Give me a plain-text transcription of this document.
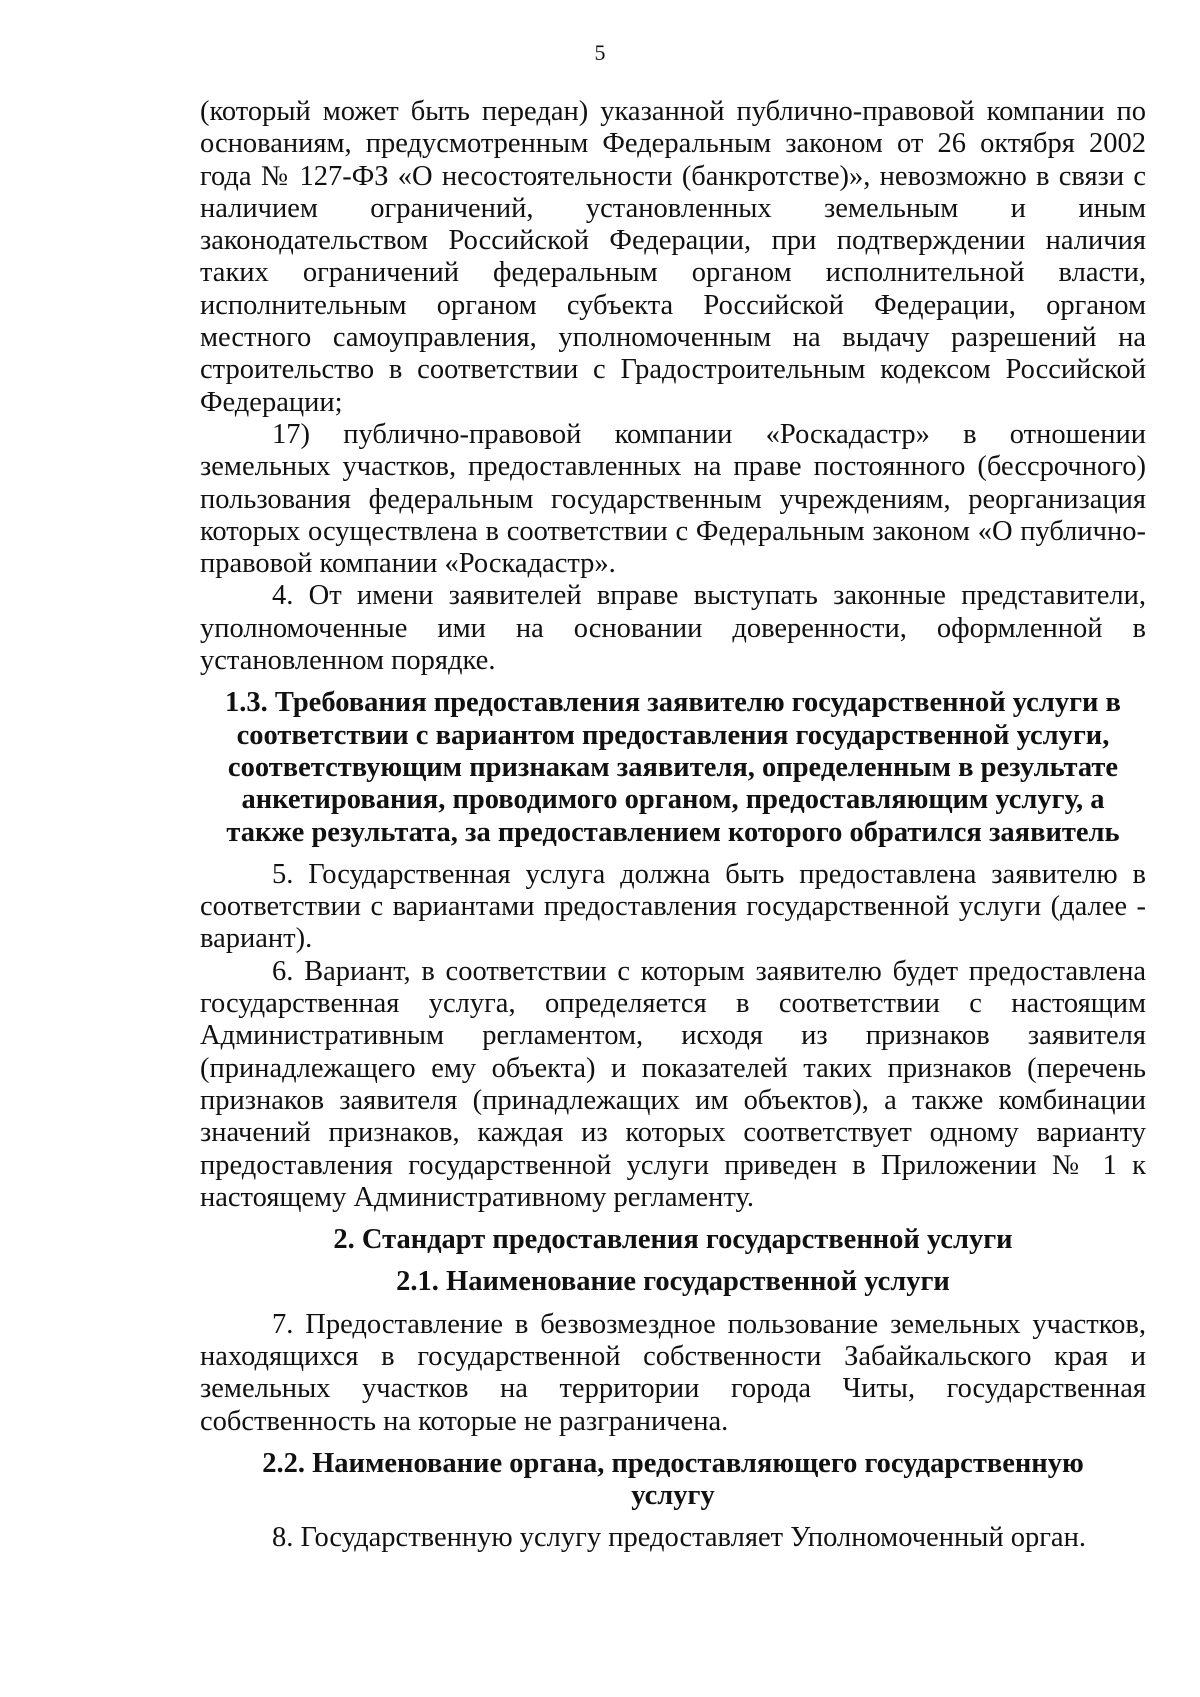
5

(который может быть передан) указанной публично-правовой компании по основаниям, предусмотренным Федеральным законом от 26 октября 2002 года № 127-ФЗ «О несостоятельности (банкротстве)», невозможно в связи с наличием ограничений, установленных земельным и иным законодательством Российской Федерации, при подтверждении наличия таких ограничений федеральным органом исполнительной власти, исполнительным органом субъекта Российской Федерации, органом местного самоуправления, уполномоченным на выдачу разрешений на строительство в соответствии с Градостроительным кодексом Российской Федерации;

17) публично-правовой компании «Роскадастр» в отношении земельных участков, предоставленных на праве постоянного (бессрочного) пользования федеральным государственным учреждениям, реорганизация которых осуществлена в соответствии с Федеральным законом «О публично-правовой компании «Роскадастр».

4. От имени заявителей вправе выступать законные представители, уполномоченные ими на основании доверенности, оформленной в установленном порядке.

1.3. Требования предоставления заявителю государственной услуги в соответствии с вариантом предоставления государственной услуги, соответствующим признакам заявителя, определенным в результате анкетирования, проводимого органом, предоставляющим услугу, а также результата, за предоставлением которого обратился заявитель

5. Государственная услуга должна быть предоставлена заявителю в соответствии с вариантами предоставления государственной услуги (далее - вариант).

6. Вариант, в соответствии с которым заявителю будет предоставлена государственная услуга, определяется в соответствии с настоящим Административным регламентом, исходя из признаков заявителя (принадлежащего ему объекта) и показателей таких признаков (перечень признаков заявителя (принадлежащих им объектов), а также комбинации значений признаков, каждая из которых соответствует одному варианту предоставления государственной услуги приведен в Приложении № 1 к настоящему Административному регламенту.

2. Стандарт предоставления государственной услуги
2.1. Наименование государственной услуги

7. Предоставление в безвозмездное пользование земельных участков, находящихся в государственной собственности Забайкальского края и земельных участков на территории города Читы, государственная собственность на которые не разграничена.

2.2. Наименование органа, предоставляющего государственную услугу

8. Государственную услугу предоставляет Уполномоченный орган.
